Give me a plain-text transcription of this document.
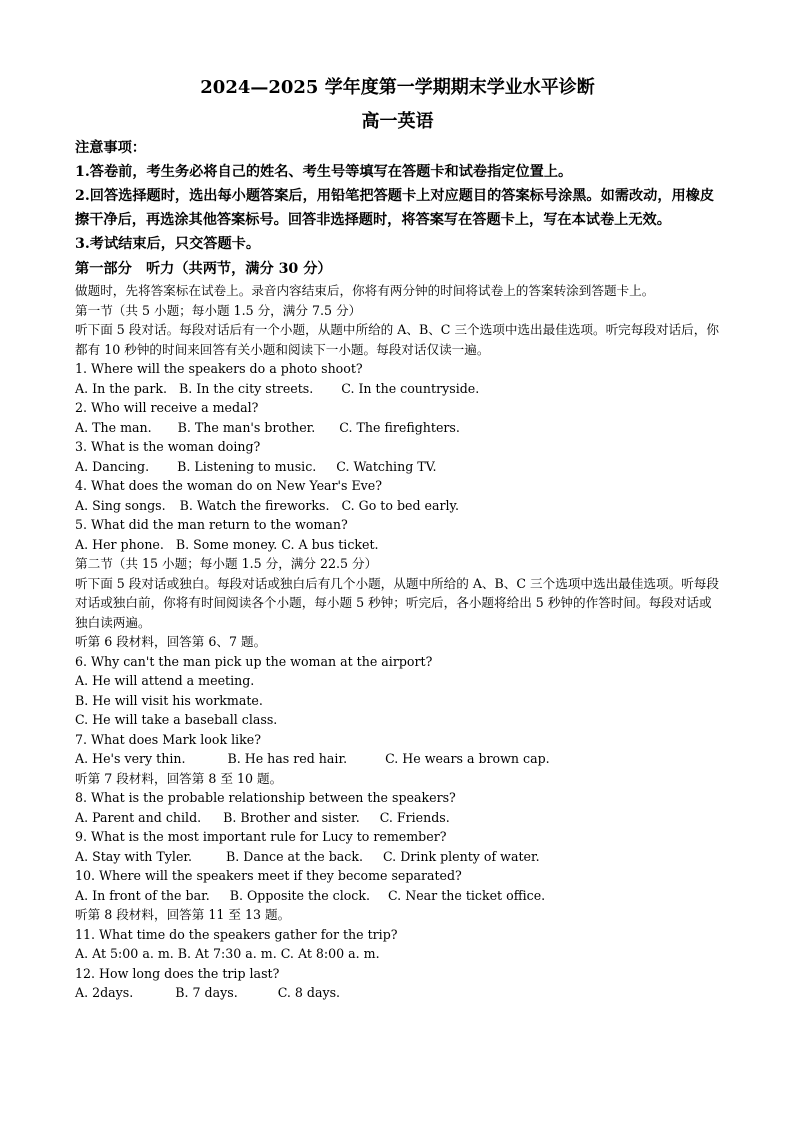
2024—2025 学年度第一学期期末学业水平诊断
高一英语

注意事项：

1.答卷前，考生务必将自己的姓名、考生号等填写在答题卡和试卷指定位置上。

2.回答选择题时，选出每小题答案后，用铅笔把答题卡上对应题目的答案标号涂黑。如需改动，用橡皮擦干净后，再选涂其他答案标号。回答非选择题时，将答案写在答题卡上，写在本试卷上无效。

3.考试结束后，只交答题卡。

第一部分　听力（共两节，满分 30 分）

做题时，先将答案标在试卷上。录音内容结束后，你将有两分钟的时间将试卷上的答案转涂到答题卡上。

第一节（共 5 小题；每小题 1.5 分，满分 7.5 分）

听下面 5 段对话。每段对话后有一个小题，从题中所给的 A、B、C 三个选项中选出最佳选项。听完每段对话后，你都有 10 秒钟的时间来回答有关小题和阅读下一小题。每段对话仅读一遍。

1. Where will the speakers do a photo shoot?

A. In the park. B. In the city streets. C. In the countryside.

2. Who will receive a medal?

A. The man. B. The man's brother. C. The firefighters.

3. What is the woman doing?

A. Dancing. B. Listening to music. C. Watching TV.

4. What does the woman do on New Year's Eve?

A. Sing songs. B. Watch the fireworks. C. Go to bed early.

5. What did the man return to the woman?

A. Her phone. B. Some money. C. A bus ticket.

第二节（共 15 小题；每小题 1.5 分，满分 22.5 分）

听下面 5 段对话或独白。每段对话或独白后有几个小题，从题中所给的 A、B、C 三个选项中选出最佳选项。听每段对话或独白前，你将有时间阅读各个小题，每小题 5 秒钟；听完后，各小题将给出 5 秒钟的作答时间。每段对话或独白读两遍。

听第 6 段材料，回答第 6、7 题。

6. Why can't the man pick up the woman at the airport?

A. He will attend a meeting.

B. He will visit his workmate.

C. He will take a baseball class.

7. What does Mark look like?

A. He's very thin.	B. He has red hair.	C. He wears a brown cap.

听第 7 段材料，回答第 8 至 10 题。

8. What is the probable relationship between the speakers?

A. Parent and child. B. Brother and sister. C. Friends.

9. What is the most important rule for Lucy to remember?

A. Stay with Tyler.	B. Dance at the back. C. Drink plenty of water.

10. Where will the speakers meet if they become separated?

A. In front of the bar. B. Opposite the clock. C. Near the ticket office.

听第 8 段材料，回答第 11 至 13 题。

11. What time do the speakers gather for the trip?

A. At 5:00 a. m. B. At 7:30 a. m. C. At 8:00 a. m.

12. How long does the trip last?

A. 2days.	B. 7 days.	C. 8 days.
